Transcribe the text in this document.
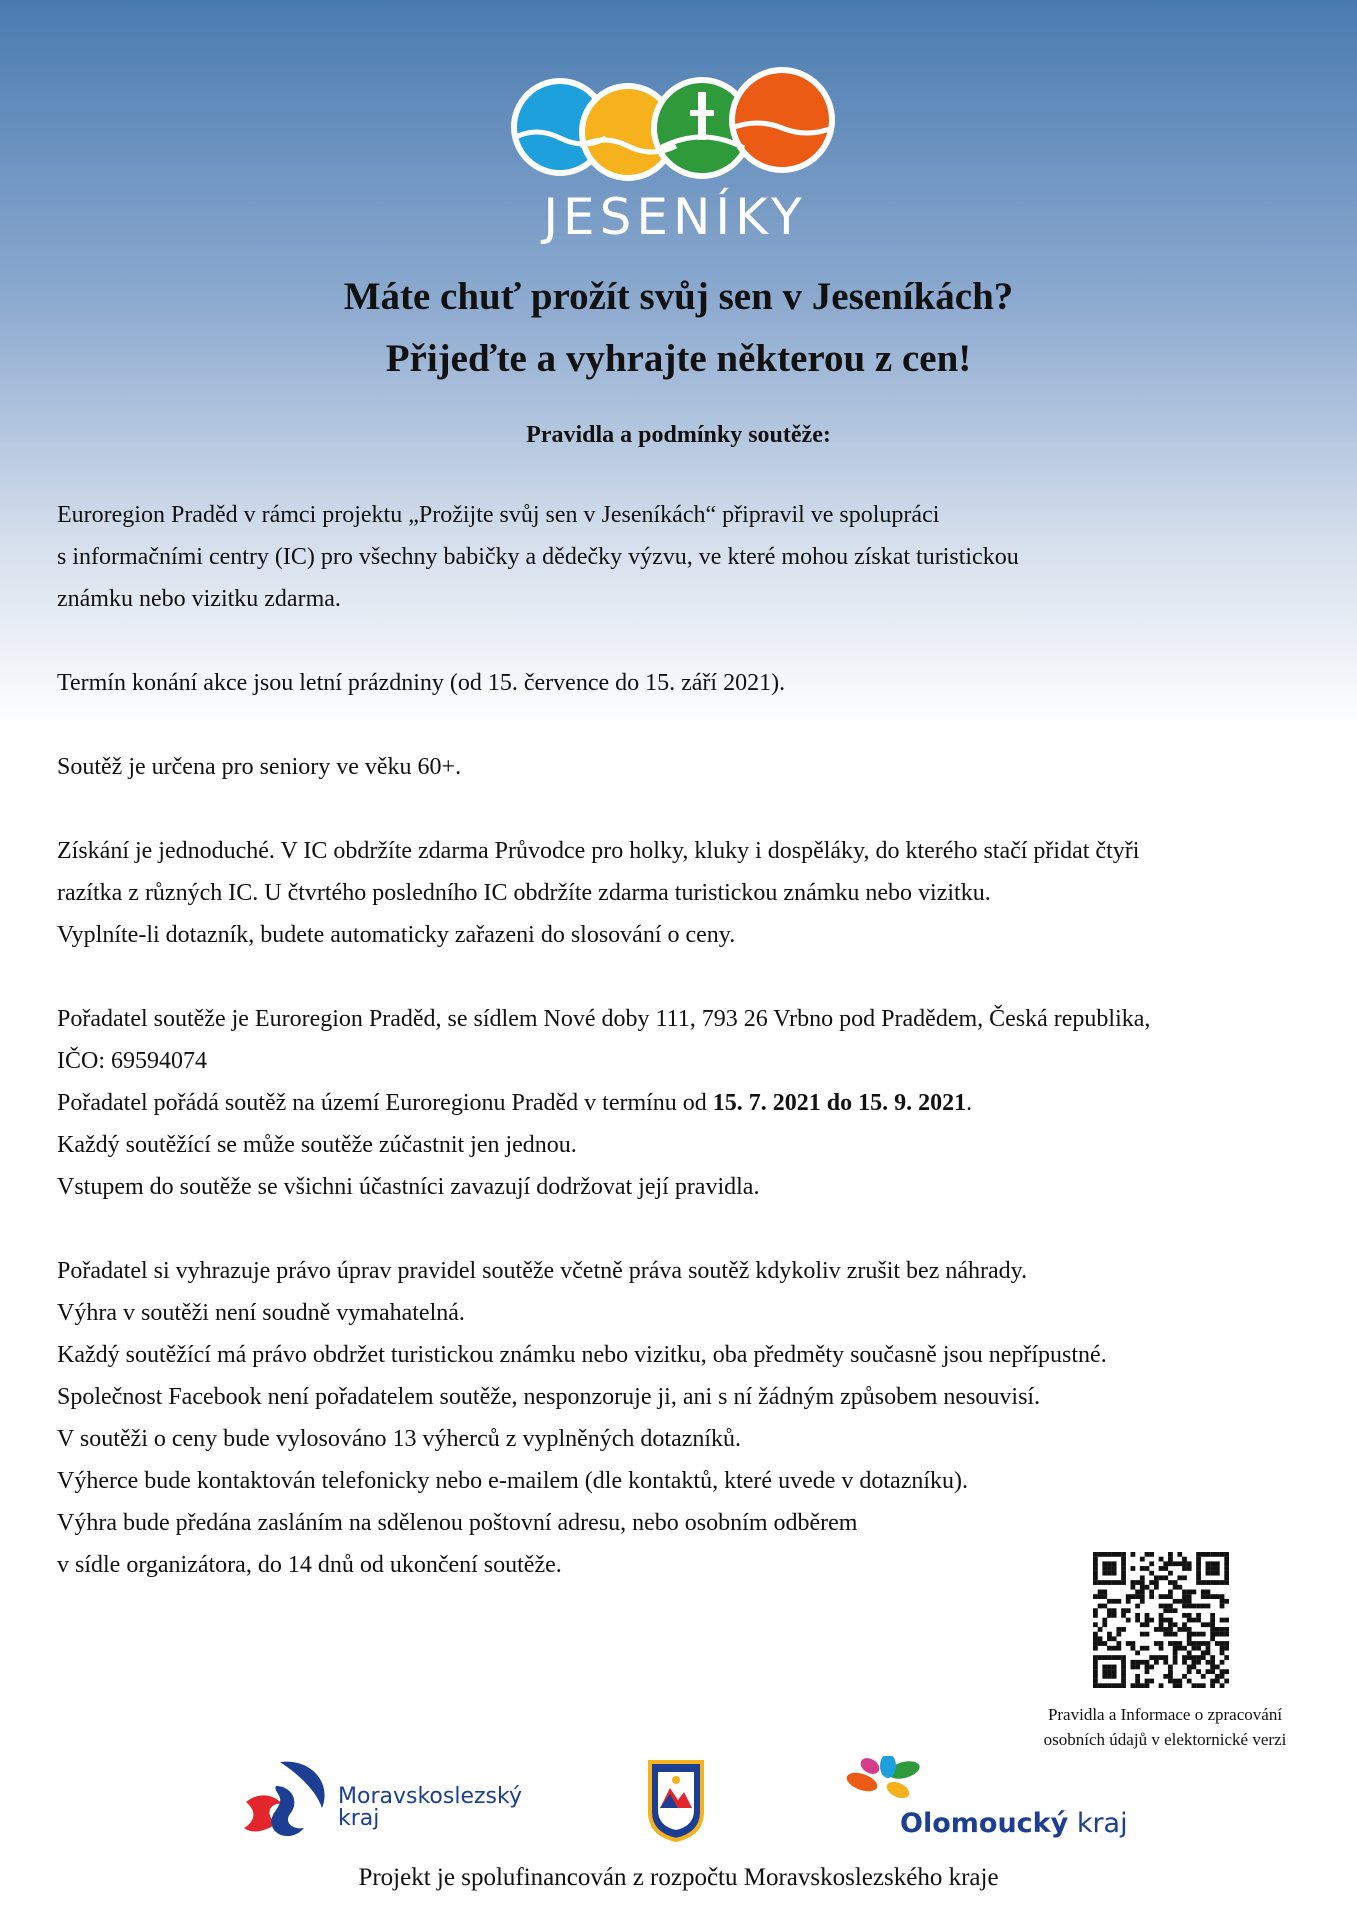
JESENÍKY
Máte chuť prožít svůj sen v Jeseníkách?
Přijeďte a vyhrajte některou z cen!
Pravidla a podmínky soutěže:

Euroregion Praděd v rámci projektu „Prožijte svůj sen v Jeseníkách“ připravil ve spolupráci
s informačními centry (IC) pro všechny babičky a dědečky výzvu, ve které mohou získat turistickou
známku nebo vizitku zdarma.

Termín konání akce jsou letní prázdniny (od 15. července do 15. září 2021).

Soutěž je určena pro seniory ve věku 60+.

Získání je jednoduché. V IC obdržíte zdarma Průvodce pro holky, kluky i dospěláky, do kterého stačí přidat čtyři
razítka z různých IC. U čtvrtého posledního IC obdržíte zdarma turistickou známku nebo vizitku.
Vyplníte-li dotazník, budete automaticky zařazeni do slosování o ceny.

Pořadatel soutěže je Euroregion Praděd, se sídlem Nové doby 111, 793 26 Vrbno pod Pradědem, Česká republika,
IČO: 69594074
Pořadatel pořádá soutěž na území Euroregionu Praděd v termínu od 15. 7. 2021 do 15. 9. 2021.
Každý soutěžící se může soutěže zúčastnit jen jednou.
Vstupem do soutěže se všichni účastníci zavazují dodržovat její pravidla.

Pořadatel si vyhrazuje právo úprav pravidel soutěže včetně práva soutěž kdykoliv zrušit bez náhrady.
Výhra v soutěži není soudně vymahatelná.
Každý soutěžící má právo obdržet turistickou známku nebo vizitku, oba předměty současně jsou nepřípustné.
Společnost Facebook není pořadatelem soutěže, nesponzoruje ji, ani s ní žádným způsobem nesouvisí.
V soutěži o ceny bude vylosováno 13 výherců z vyplněných dotazníků.
Výherce bude kontaktován telefonicky nebo e-mailem (dle kontaktů, které uvede v dotazníku).
Výhra bude předána zasláním na sdělenou poštovní adresu, nebo osobním odběrem
v sídle organizátora, do 14 dnů od ukončení soutěže.

Pravidla a Informace o zpracování
osobních údajů v elektornické verzi
Moravskoslezský
kraj	Olomoucký kraj
Projekt je spolufinancován z rozpočtu Moravskoslezského kraje
